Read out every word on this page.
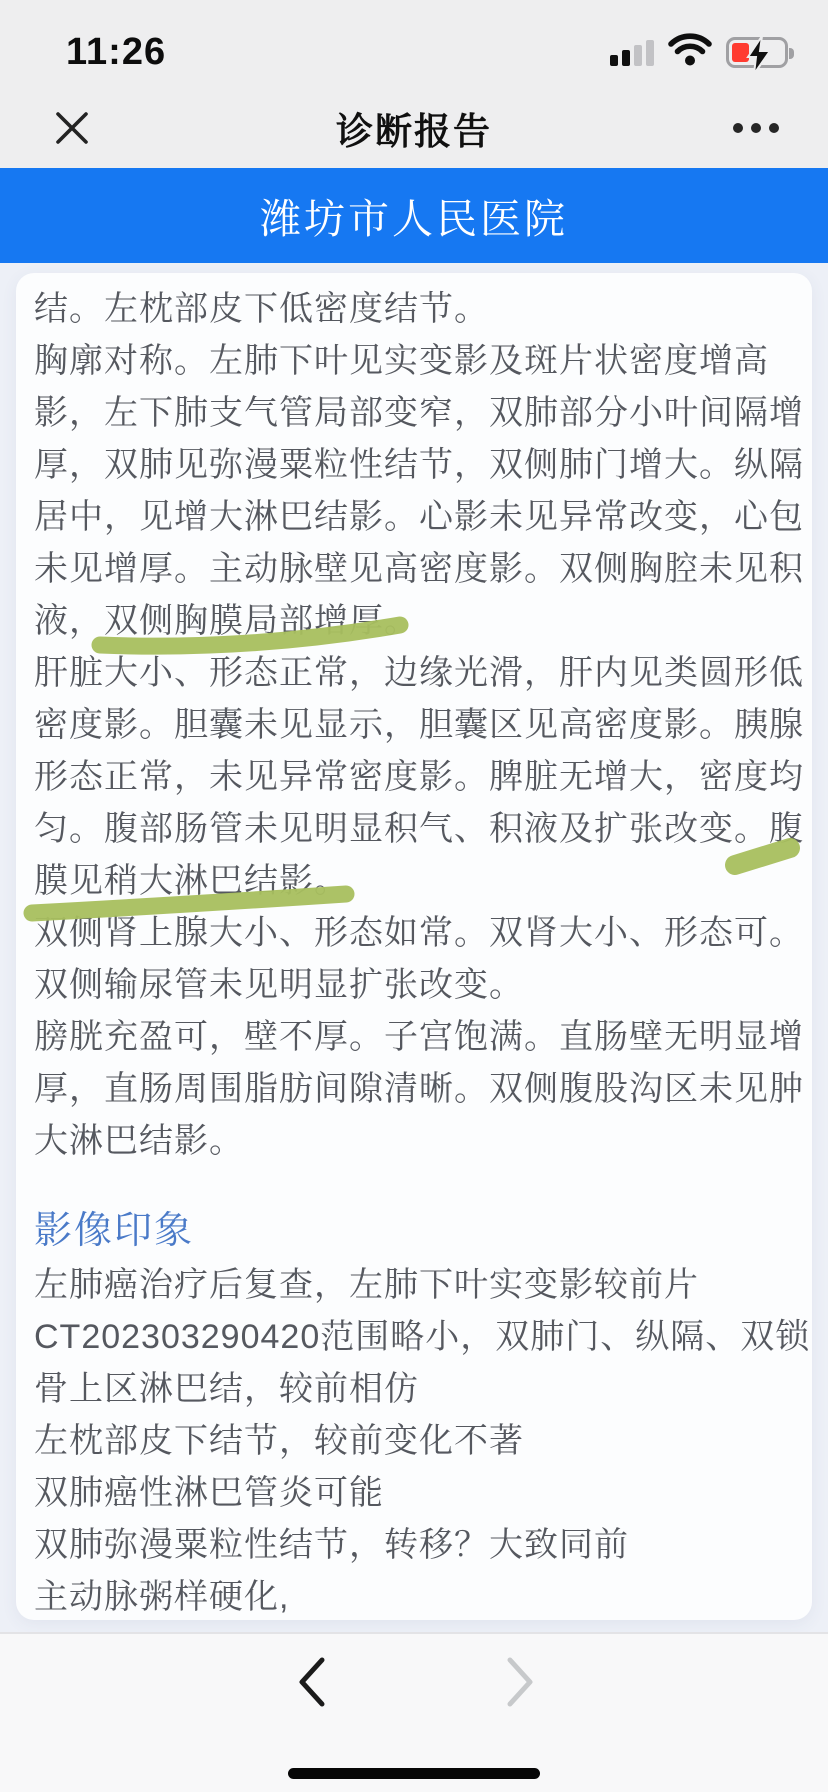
11:26
诊断报告
潍坊市人民医院
结。左枕部皮下低密度结节。
胸廓对称。左肺下叶见实变影及斑片状密度增高
影，左下肺支气管局部变窄，双肺部分小叶间隔增
厚，双肺见弥漫粟粒性结节，双侧肺门增大。纵隔
居中，见增大淋巴结影。心影未见异常改变，心包
未见增厚。主动脉壁见高密度影。双侧胸腔未见积
液，双侧胸膜局部增厚。
肝脏大小、形态正常，边缘光滑，肝内见类圆形低
密度影。胆囊未见显示，胆囊区见高密度影。胰腺
形态正常，未见异常密度影。脾脏无增大，密度均
匀。腹部肠管未见明显积气、积液及扩张改变。腹
膜见稍大淋巴结影。
双侧肾上腺大小、形态如常。双肾大小、形态可。
双侧输尿管未见明显扩张改变。
膀胱充盈可，壁不厚。子宫饱满。直肠壁无明显增
厚，直肠周围脂肪间隙清晰。双侧腹股沟区未见肿
大淋巴结影。
影像印象
左肺癌治疗后复查，左肺下叶实变影较前片
CT202303290420范围略小，双肺门、纵隔、双锁
骨上区淋巴结，较前相仿
左枕部皮下结节，较前变化不著
双肺癌性淋巴管炎可能
双肺弥漫粟粒性结节，转移？大致同前
主动脉粥样硬化,
